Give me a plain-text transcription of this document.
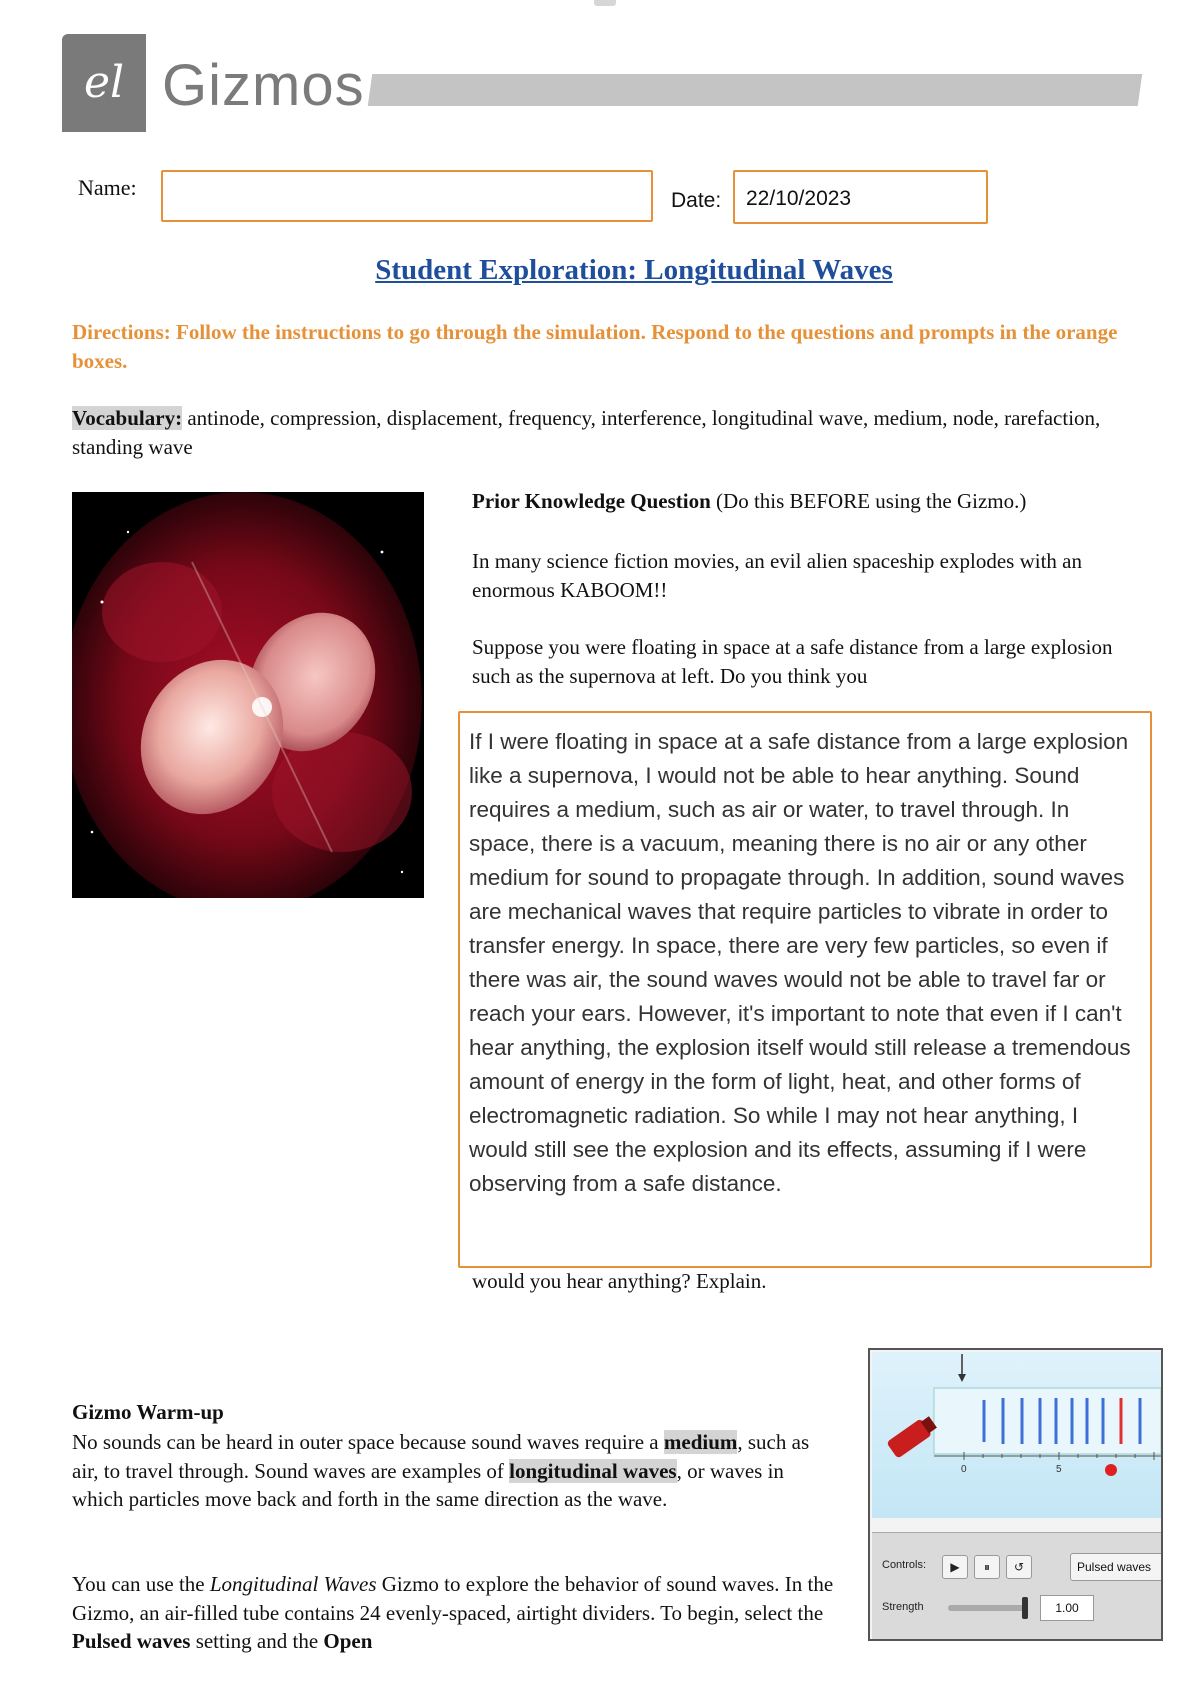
el Gizmos
Name:
Date:	22/10/2023
Student Exploration: Longitudinal Waves
Directions: Follow the instructions to go through the simulation. Respond to the questions and prompts in the orange boxes.
Vocabulary: antinode, compression, displacement, frequency, interference, longitudinal wave, medium, node, rarefaction, standing wave
Prior Knowledge Question (Do this BEFORE using the Gizmo.)
In many science fiction movies, an evil alien spaceship explodes with an enormous KABOOM!!
Suppose you were floating in space at a safe distance from a large explosion such as the supernova at left. Do you think you
If I were floating in space at a safe distance from a large explosion like a supernova, I would not be able to hear anything. Sound requires a medium, such as air or water, to travel through. In space, there is a vacuum, meaning there is no air or any other medium for sound to propagate through. In addition, sound waves are mechanical waves that require particles to vibrate in order to transfer energy. In space, there are very few particles, so even if there was air, the sound waves would not be able to travel far or reach your ears. However, it's important to note that even if I can't hear anything, the explosion itself would still release a tremendous amount of energy in the form of light, heat, and other forms of electromagnetic radiation. So while I may not hear anything, I would still see the explosion and its effects, assuming if I were observing from a safe distance.
would you hear anything? Explain.
Gizmo Warm-up
No sounds can be heard in outer space because sound waves require a medium, such as air, to travel through. Sound waves are examples of longitudinal waves, or waves in which particles move back and forth in the same direction as the wave.
You can use the Longitudinal Waves Gizmo to explore the behavior of sound waves. In the Gizmo, an air-filled tube contains 24 evenly-spaced, airtight dividers. To begin, select the Pulsed waves setting and the Open
0	5
Controls:	▶	⏸	↺	Pulsed waves
Strength	1.00
